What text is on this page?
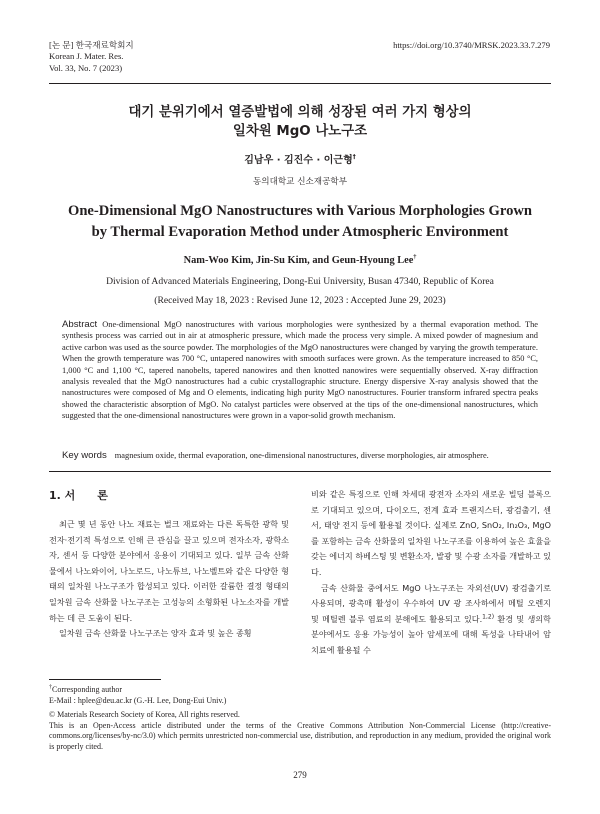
[논 문] 한국재료학회지
Korean J. Mater. Res.
Vol. 33, No. 7 (2023)
https://doi.org/10.3740/MRSK.2023.33.7.279
대기 분위기에서 열증발법에 의해 성장된 여러 가지 형상의
일차원 MgO 나노구조
김남우 · 김진수 · 이근형†
동의대학교 신소재공학부
One-Dimensional MgO Nanostructures with Various Morphologies Grown
by Thermal Evaporation Method under Atmospheric Environment
Nam-Woo Kim, Jin-Su Kim, and Geun-Hyoung Lee†
Division of Advanced Materials Engineering, Dong-Eui University, Busan 47340, Republic of Korea
(Received May 18, 2023 : Revised June 12, 2023 : Accepted June 29, 2023)
Abstract One-dimensional MgO nanostructures with various morphologies were synthesized by a thermal evaporation method. The synthesis process was carried out in air at atmospheric pressure, which made the process very simple. A mixed powder of magnesium and active carbon was used as the source powder. The morphologies of the MgO nanostructures were changed by varying the growth temperature. When the growth temperature was 700 °C, untapered nanowires with smooth surfaces were grown. As the temperature increased to 850 °C, 1,000 °C and 1,100 °C, tapered nanobelts, tapered nanowires and then knotted nanowires were sequentially observed. X-ray diffraction analysis revealed that the MgO nanostructures had a cubic crystallographic structure. Energy dispersive X-ray analysis showed that the nanostructures were composed of Mg and O elements, indicating high purity MgO nanostructures. Fourier transform infrared spectra peaks showed the characteristic absorption of MgO. No catalyst particles were observed at the tips of the one-dimensional nanostructures, which suggested that the one-dimensional nanostructures were grown in a vapor-solid growth mechanism.
Key words magnesium oxide, thermal evaporation, one-dimensional nanostructures, diverse morphologies, air atmosphere.
1. 서　　론

최근 몇 년 동안 나노 재료는 벌크 재료와는 다른 독특한 광학 및 전자·전기적 특성으로 인해 큰 관심을 끌고 있으며 전자소자, 광학소자, 센서 등 다양한 분야에서 응용이 기대되고 있다. 일부 금속 산화물에서 나노와이어, 나노로드, 나노튜브, 나노벨트와 같은 다양한 형태의 일차원 나노구조가 합성되고 있다. 이러한 갈륨한 결정 형태의 일차원 금속 산화물 나노구조는 고성능의 소형화된 나노소자를 개발하는 데 큰 도움이 된다.

일차원 금속 산화물 나노구조는 양자 효과 및 높은 종횡

비와 같은 특징으로 인해 차세대 광전자 소자의 새로운 빌딩 블록으로 기대되고 있으며, 다이오드, 전계 효과 트랜지스터, 광검출기, 센서, 태양 전지 등에 활용될 것이다. 실제로 ZnO, SnO₂, In₂O₃, MgO를 포함하는 금속 산화물의 일차원 나노구조를 이용하여 높은 효율을 갖는 에너지 하베스팅 및 변환소자, 발광 및 수광 소자를 개발하고 있다.

금속 산화물 중에서도 MgO 나노구조는 자외선(UV) 광검출기로 사용되며, 광촉매 활성이 우수하여 UV 광 조사하에서 메틸 오렌지 및 메틸렌 블루 염료의 분해에도 활용되고 있다.$^{1,2)}$ 환경 및 생의학 분야에서도 응용 가능성이 높아 암세포에 대해 독성을 나타내어 암 치료에 활용될 수

†Corresponding author
E-Mail : hplee@deu.ac.kr (G.-H. Lee, Dong-Eui Univ.)
© Materials Research Society of Korea, All rights reserved.
This is an Open-Access article distributed under the terms of the Creative Commons Attribution Non-Commercial License (http://creative-commons.org/licenses/by-nc/3.0) which permits unrestricted non-commercial use, distribution, and reproduction in any medium, provided the original work is properly cited.
279
